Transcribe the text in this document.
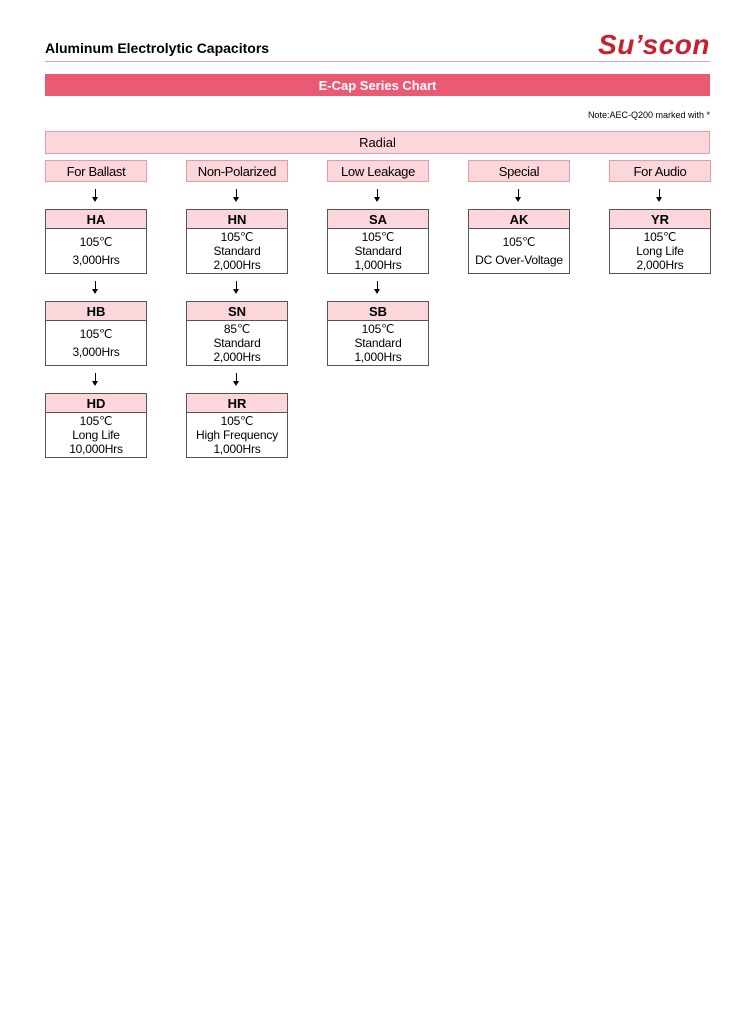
Aluminum Electrolytic Capacitors	Su’scon
E-Cap Series Chart
Note:AEC-Q200 marked with *
Radial
For Ballast
HA
105℃
3,000Hrs
HB
105℃
3,000Hrs
HD
105℃
Long Life
10,000Hrs
Non-Polarized
HN
105℃
Standard
2,000Hrs
SN
85℃
Standard
2,000Hrs
HR
105℃
High Frequency
1,000Hrs
Low Leakage
SA
105℃
Standard
1,000Hrs
SB
105℃
Standard
1,000Hrs
Special
AK
105℃
DC Over-Voltage
For Audio
YR
105℃
Long Life
2,000Hrs
